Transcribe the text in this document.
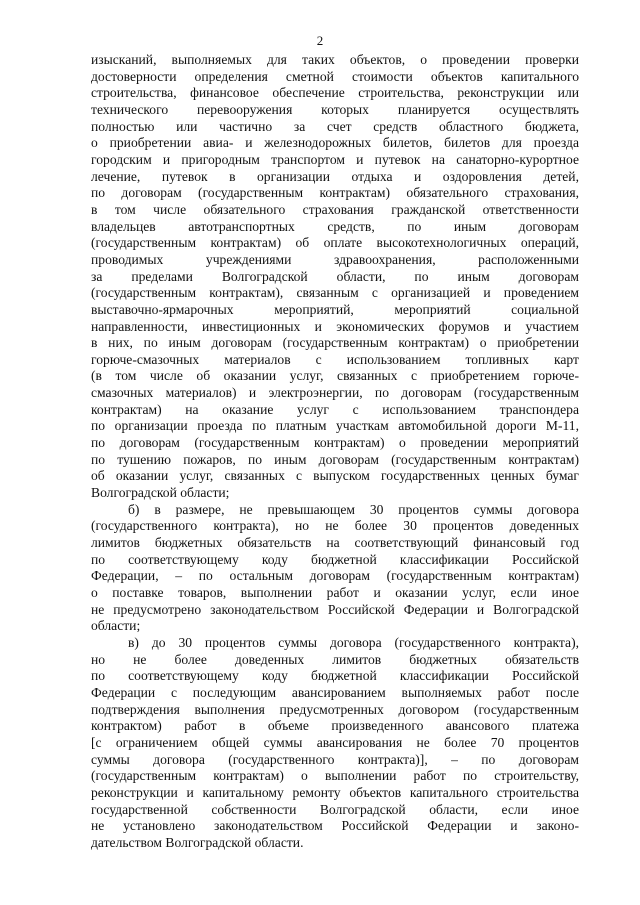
2
изысканий, выполняемых для таких объектов, о проведении проверки
достоверности определения сметной стоимости объектов капитального
строительства, финансовое обеспечение строительства, реконструкции или
технического перевооружения которых планируется осуществлять
полностью или частично за счет средств областного бюджета,
о приобретении авиа- и железнодорожных билетов, билетов для проезда
городским и пригородным транспортом и путевок на санаторно-курортное
лечение, путевок в организации отдыха и оздоровления детей,
по договорам (государственным контрактам) обязательного страхования,
в том числе обязательного страхования гражданской ответственности
владельцев автотранспортных средств, по иным договорам
(государственным контрактам) об оплате высокотехнологичных операций,
проводимых учреждениями здравоохранения, расположенными
за пределами Волгоградской области, по иным договорам
(государственным контрактам), связанным с организацией и проведением
выставочно-ярмарочных мероприятий, мероприятий социальной
направленности, инвестиционных и экономических форумов и участием
в них, по иным договорам (государственным контрактам) о приобретении
горюче-смазочных материалов с использованием топливных карт
(в том числе об оказании услуг, связанных с приобретением горюче-
смазочных материалов) и электроэнергии, по договорам (государственным
контрактам) на оказание услуг с использованием транспондера
по организации проезда по платным участкам автомобильной дороги М-11,
по договорам (государственным контрактам) о проведении мероприятий
по тушению пожаров, по иным договорам (государственным контрактам)
об оказании услуг, связанных с выпуском государственных ценных бумаг
Волгоградской области;
б) в размере, не превышающем 30 процентов суммы договора
(государственного контракта), но не более 30 процентов доведенных
лимитов бюджетных обязательств на соответствующий финансовый год
по соответствующему коду бюджетной классификации Российской
Федерации, – по остальным договорам (государственным контрактам)
о поставке товаров, выполнении работ и оказании услуг, если иное
не предусмотрено законодательством Российской Федерации и Волгоградской
области;
в) до 30 процентов суммы договора (государственного контракта),
но не более доведенных лимитов бюджетных обязательств
по соответствующему коду бюджетной классификации Российской
Федерации с последующим авансированием выполняемых работ после
подтверждения выполнения предусмотренных договором (государственным
контрактом) работ в объеме произведенного авансового платежа
[с ограничением общей суммы авансирования не более 70 процентов
суммы договора (государственного контракта)], – по договорам
(государственным контрактам) о выполнении работ по строительству,
реконструкции и капитальному ремонту объектов капитального строительства
государственной собственности Волгоградской области, если иное
не установлено законодательством Российской Федерации и законо-
дательством Волгоградской области.
